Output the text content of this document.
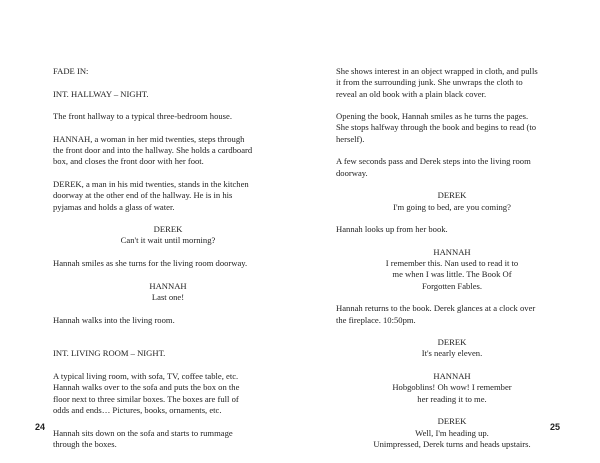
FADE IN:

INT. HALLWAY – NIGHT.

The front hallway to a typical three-bedroom house.

HANNAH, a woman in her mid twenties, steps through
the front door and into the hallway. She holds a cardboard
box, and closes the front door with her foot.

DEREK, a man in his mid twenties, stands in the kitchen
doorway at the other end of the hallway. He is in his
pyjamas and holds a glass of water.

DEREK
Can't it wait until morning?

Hannah smiles as she turns for the living room doorway.

HANNAH
Last one!

Hannah walks into the living room.

INT. LIVING ROOM – NIGHT.

A typical living room, with sofa, TV, coffee table, etc.
Hannah walks over to the sofa and puts the box on the
floor next to three similar boxes. The boxes are full of
odds and ends… Pictures, books, ornaments, etc.

Hannah sits down on the sofa and starts to rummage
through the boxes.

24

She shows interest in an object wrapped in cloth, and pulls
it from the surrounding junk. She unwraps the cloth to
reveal an old book with a plain black cover.

Opening the book, Hannah smiles as he turns the pages.
She stops halfway through the book and begins to read (to
herself).

A few seconds pass and Derek steps into the living room
doorway.

DEREK
I'm going to bed, are you coming?

Hannah looks up from her book.

HANNAH
I remember this. Nan used to read it to
me when I was little. The Book Of
Forgotten Fables.

Hannah returns to the book. Derek glances at a clock over
the fireplace. 10:50pm.

DEREK
It's nearly eleven.
HANNAH
Hobgoblins! Oh wow! I remember
her reading it to me.
DEREK
Well, I'm heading up.
Unimpressed, Derek turns and heads upstairs.
25
